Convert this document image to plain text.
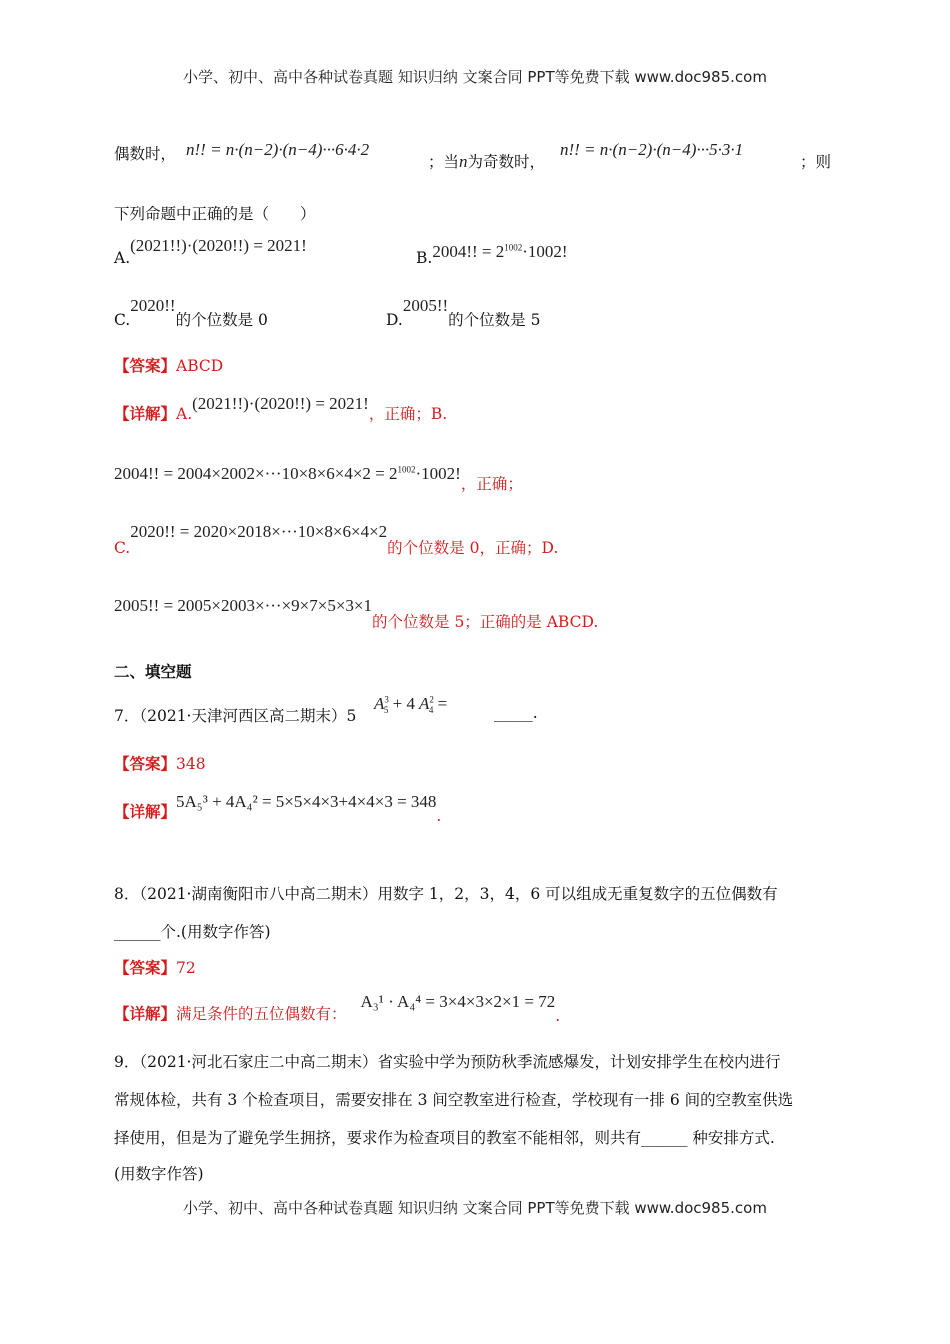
小学、初中、高中各种试卷真题 知识归纳 文案合同 PPT等免费下载 www.doc985.com
偶数时， n!! = n·(n−2)·(n−4)···6·4·2
；当n为奇数时，
n!! = n·(n−2)·(n−4)···5·3·1
；则
下列命题中正确的是（　　）
A.(2021!!)·(2020!!) = 2021!
B.2004!! = $2^{1002}\cdot 1002$!
C.2020!!的个位数是 0	D.2005!!的个位数是 5
【答案】ABCD
【详解】A.(2021!!)·(2020!!) = 2021!，正确；B.
2004!! = $2004\times 2002\times\cdot\cdot\cdot 10\times 8\times 6\times 4\times 2 = 2^{1002}\cdot 1002$!，正确；
C.2020!! = 2020×2018×···10×8×6×4×2的个位数是 0，正确；D.
2005!! = 2005×2003×···×9×7×5×3×1的个位数是 5；正确的是 ABCD.
二、填空题
7．（2021·天津河西区高二期末）5
$A^3_5 + 4$ $A^2_4$ =	_____.
【答案】348
【详解】5A₅³ + 4A₄² = 5×5×4×3+4×4×3 = 348.
8．（2021·湖南衡阳市八中高二期末）用数字 1，2，3，4，6 可以组成无重复数字的五位偶数有
______个.(用数字作答)
【答案】72
【详解】满足条件的五位偶数有：A₃¹ · A₄⁴ = 3×4×3×2×1 = 72.
9．（2021·河北石家庄二中高二期末）省实验中学为预防秋季流感爆发，计划安排学生在校内进行
常规体检，共有 3 个检查项目，需要安排在 3 间空教室进行检查，学校现有一排 6 间的空教室供选
择使用，但是为了避免学生拥挤，要求作为检查项目的教室不能相邻，则共有______ 种安排方式.
(用数字作答)
小学、初中、高中各种试卷真题 知识归纳 文案合同 PPT等免费下载 www.doc985.com
